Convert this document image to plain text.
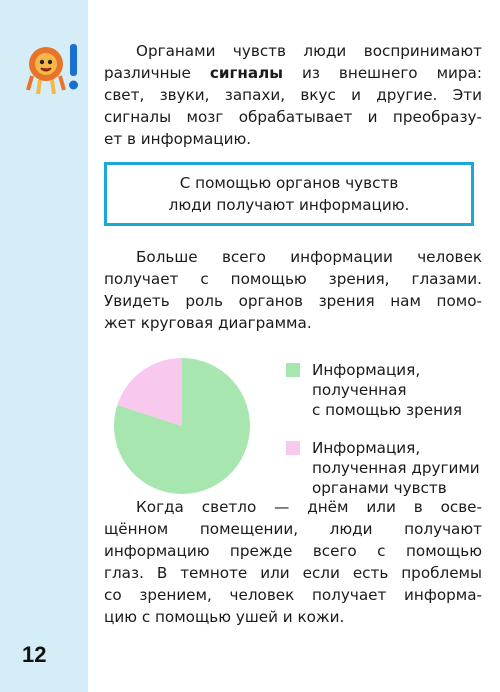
Органами чувств люди воспринимают
различные сигналы из внешнего мира:
свет, звуки, запахи, вкус и другие. Эти
сигналы мозг обрабатывает и преобразу-
ет в информацию.
С помощью органов чувств
люди получают информацию.
Больше всего информации человек
получает с помощью зрения, глазами.
Увидеть роль органов зрения нам помо-
жет круговая диаграмма.
Информация,
полученная
с помощью зрения
Информация,
полученная другими
органами чувств
Когда светло — днём или в осве-
щённом помещении, люди получают
информацию прежде всего с помощью
глаз. В темноте или если есть проблемы
со зрением, человек получает информа-
цию с помощью ушей и кожи.
12
